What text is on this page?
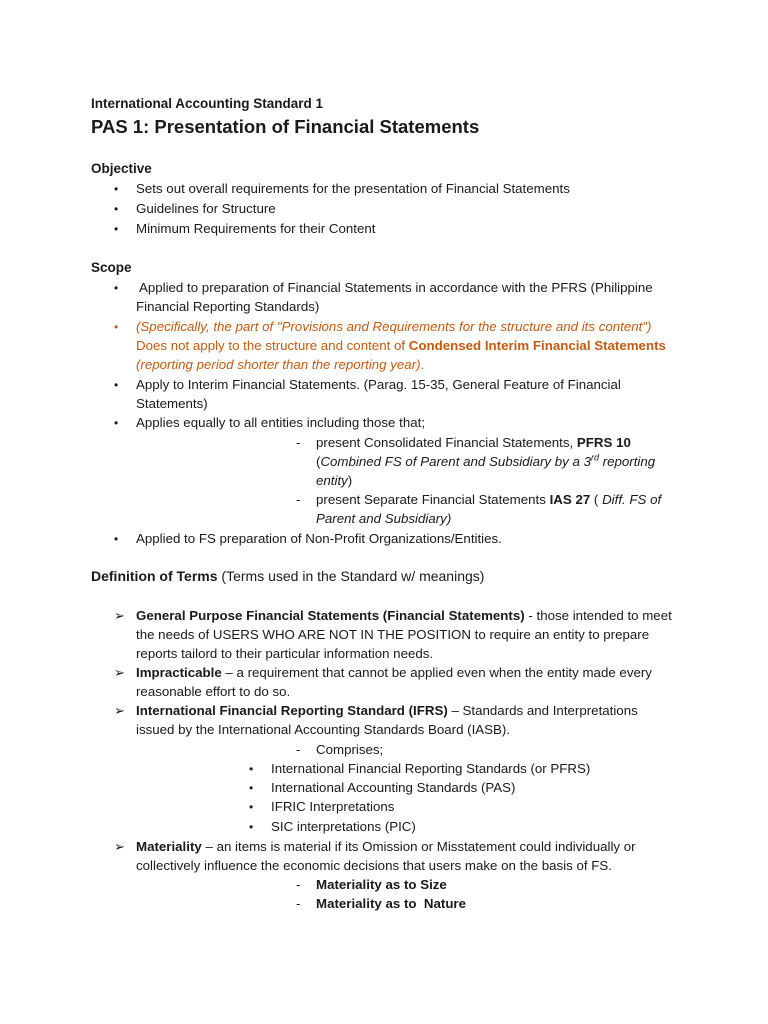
International Accounting Standard 1
PAS 1: Presentation of Financial Statements
Objective
• Sets out overall requirements for the presentation of Financial Statements
• Guidelines for Structure
• Minimum Requirements for their Content
Scope
• Applied to preparation of Financial Statements in accordance with the PFRS (Philippine
Financial Reporting Standards)
• (Specifically, the part of "Provisions and Requirements for the structure and its content")
Does not apply to the structure and content of Condensed Interim Financial Statements
(reporting period shorter than the reporting year).
• Apply to Interim Financial Statements. (Parag. 15-35, General Feature of Financial
Statements)
• Applies equally to all entities including those that;
- present Consolidated Financial Statements, PFRS 10
(Combined FS of Parent and Subsidiary by a 3rd reporting
entity)
- present Separate Financial Statements IAS 27 ( Diff. FS of
Parent and Subsidiary)
• Applied to FS preparation of Non-Profit Organizations/Entities.
Definition of Terms (Terms used in the Standard w/ meanings)
➢ General Purpose Financial Statements (Financial Statements) - those intended to meet
the needs of USERS WHO ARE NOT IN THE POSITION to require an entity to prepare
reports tailord to their particular information needs.
➢ Impracticable – a requirement that cannot be applied even when the entity made every
reasonable effort to do so.
➢ International Financial Reporting Standard (IFRS) – Standards and Interpretations
issued by the International Accounting Standards Board (IASB).
- Comprises;
• International Financial Reporting Standards (or PFRS)
• International Accounting Standards (PAS)
• IFRIC Interpretations
• SIC interpretations (PIC)
➢ Materiality – an items is material if its Omission or Misstatement could individually or
collectively influence the economic decisions that users make on the basis of FS.
- Materiality as to Size
- Materiality as to  Nature
